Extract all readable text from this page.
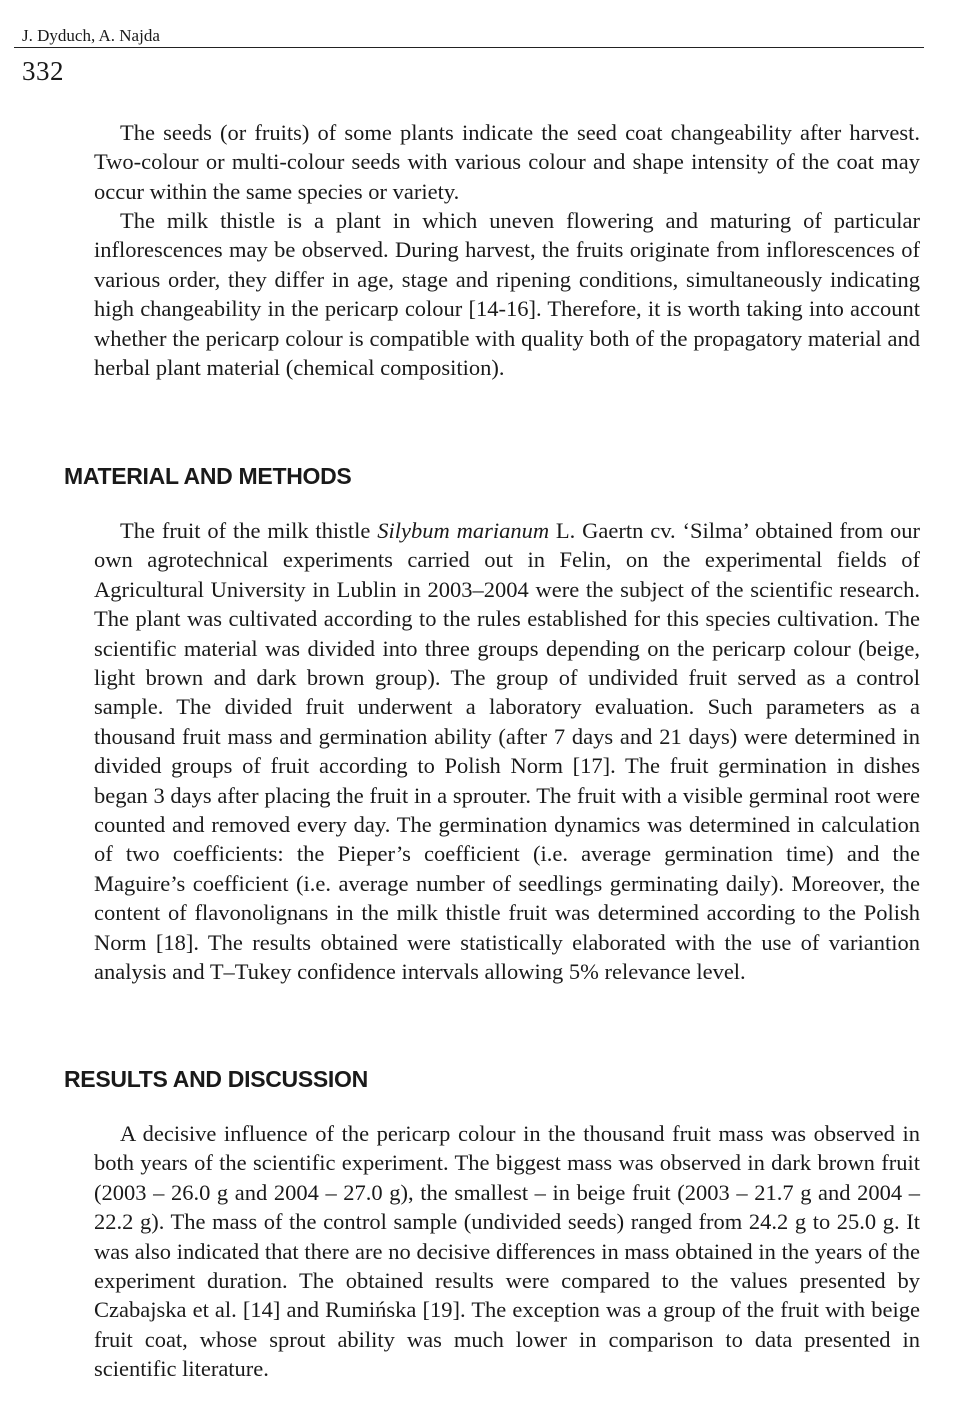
J. Dyduch, A. Najda
332

The seeds (or fruits) of some plants indicate the seed coat changeability after harvest. Two-colour or multi-colour seeds with various colour and shape intensity of the coat may occur within the same species or variety.

The milk thistle is a plant in which uneven flowering and maturing of particular inflorescences may be observed. During harvest, the fruits originate from inflorescences of various order, they differ in age, stage and ripening conditions, simultaneously indicating high changeability in the pericarp colour [14-16]. Therefore, it is worth taking into account whether the pericarp colour is compatible with quality both of the propagatory material and herbal plant material (chemical composition).

MATERIAL AND METHODS

The fruit of the milk thistle Silybum marianum L. Gaertn cv. ‘Silma’ obtained from our own agrotechnical experiments carried out in Felin, on the experimental fields of Agricultural University in Lublin in 2003–2004 were the subject of the scientific research. The plant was cultivated according to the rules established for this species cultivation. The scientific material was divided into three groups depending on the pericarp colour (beige, light brown and dark brown group). The group of undivided fruit served as a control sample. The divided fruit underwent a laboratory evaluation. Such parameters as a thousand fruit mass and germination ability (after 7 days and 21 days) were determined in divided groups of fruit according to Polish Norm [17]. The fruit germination in dishes began 3 days after placing the fruit in a sprouter. The fruit with a visible germinal root were counted and removed every day. The germination dynamics was determined in calculation of two coefficients: the Pieper’s coefficient (i.e. average germination time) and the Maguire’s coefficient (i.e. average number of seedlings germinating daily). Moreover, the content of flavonolignans in the milk thistle fruit was determined according to the Polish Norm [18]. The results obtained were statistically elaborated with the use of variantion analysis and T–Tukey confidence intervals allowing 5% relevance level.

RESULTS AND DISCUSSION

A decisive influence of the pericarp colour in the thousand fruit mass was observed in both years of the scientific experiment. The biggest mass was observed in dark brown fruit (2003 – 26.0 g and 2004 – 27.0 g), the smallest – in beige fruit (2003 – 21.7 g and 2004 – 22.2 g). The mass of the control sample (undivided seeds) ranged from 24.2 g to 25.0 g. It was also indicated that there are no decisive differences in mass obtained in the years of the experiment duration. The obtained results were compared to the values presented by Czabajska et al. [14] and Rumińska [19]. The exception was a group of the fruit with beige fruit coat, whose sprout ability was much lower in comparison to data presented in scientific literature.
